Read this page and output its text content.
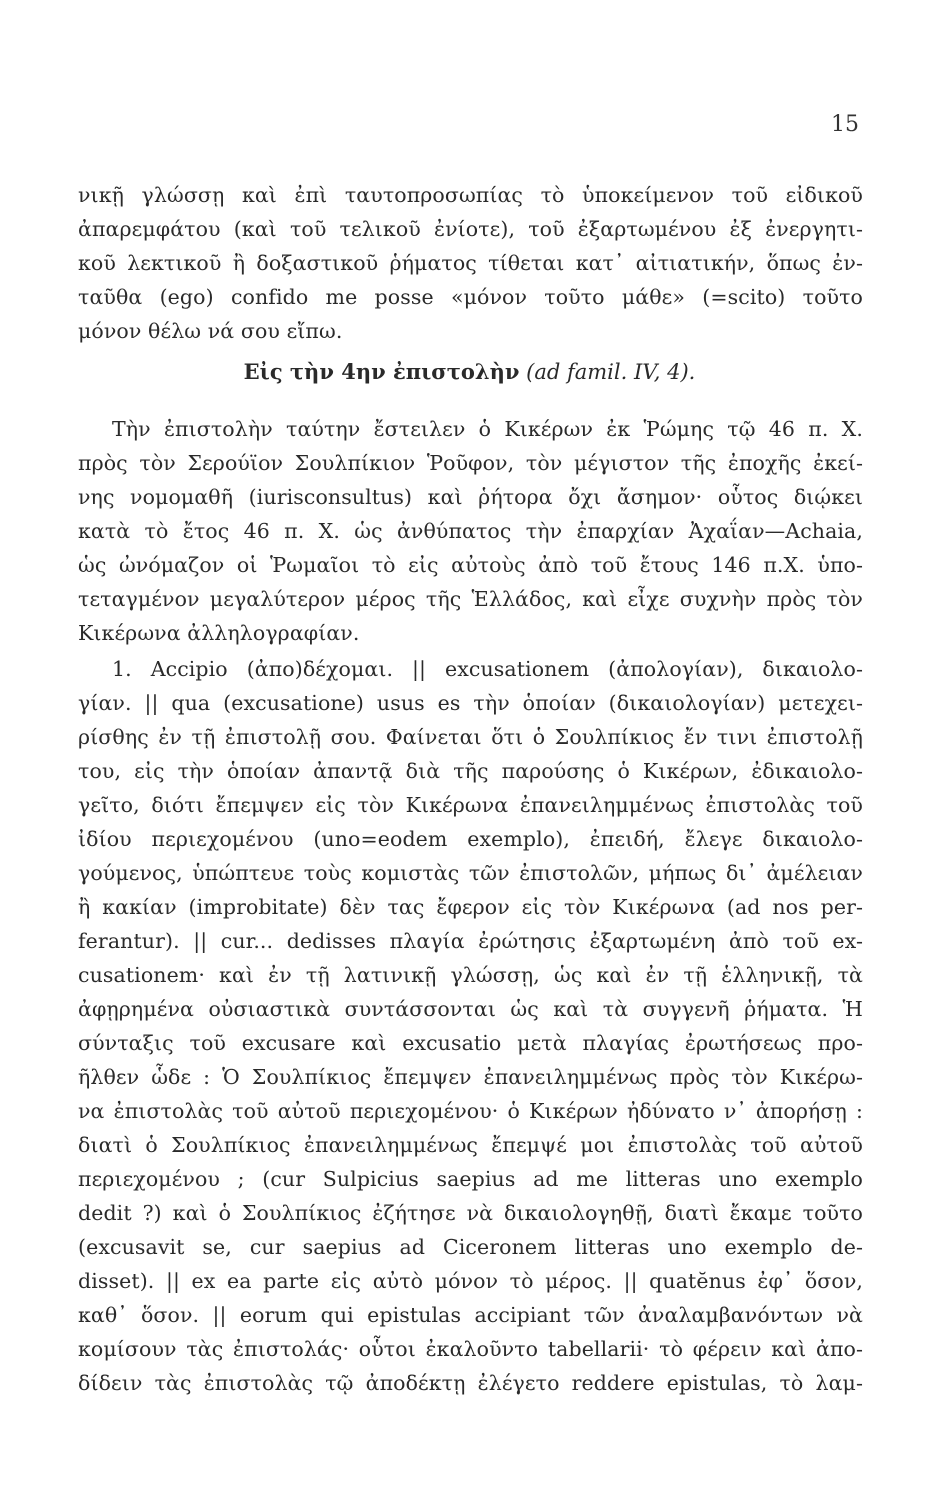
15
νικῇ γλώσσῃ καὶ ἐπὶ ταυτοπροσωπίας τὸ ὑποκείμενον τοῦ εἰδικοῦ
ἀπαρεμφάτου (καὶ τοῦ τελικοῦ ἐνίοτε), τοῦ ἐξαρτωμένου ἐξ ἐνεργητι-
κοῦ λεκτικοῦ ἢ δοξαστικοῦ ῥήματος τίθεται κατ᾽ αἰτιατικήν, ὅπως ἐν-
ταῦθα (ego) confido me posse «μόνον τοῦτο μάθε» (=scito) τοῦτο
μόνον θέλω νά σου εἴπω.
Εἰς τὴν 4ην ἐπιστολὴν (ad famil. IV, 4).
Τὴν ἐπιστολὴν ταύτην ἔστειλεν ὁ Κικέρων ἐκ Ῥώμης τῷ 46 π. Χ.
πρὸς τὸν Σερούϊον Σουλπίκιον Ῥοῦφον, τὸν μέγιστον τῆς ἐποχῆς ἐκεί-
νης νομομαθῆ (iurisconsultus) καὶ ῥήτορα ὄχι ἄσημον· οὗτος διῴκει
κατὰ τὸ ἔτος 46 π. Χ. ὡς ἀνθύπατος τὴν ἐπαρχίαν Ἀχαΐαν—Achaia,
ὡς ὠνόμαζον οἱ Ῥωμαῖοι τὸ εἰς αὐτοὺς ἀπὸ τοῦ ἔτους 146 π.Χ. ὑπο-
τεταγμένον μεγαλύτερον μέρος τῆς Ἑλλάδος, καὶ εἶχε συχνὴν πρὸς τὸν
Κικέρωνα ἀλληλογραφίαν.
1. Accipio (ἀπο)δέχομαι. || excusationem (ἀπολογίαν), δικαιολο-
γίαν. || qua (excusatione) usus es τὴν ὁποίαν (δικαιολογίαν) μετεχει-
ρίσθης ἐν τῇ ἐπιστολῇ σου. Φαίνεται ὅτι ὁ Σουλπίκιος ἔν τινι ἐπιστολῇ
του, εἰς τὴν ὁποίαν ἀπαντᾷ διὰ τῆς παρούσης ὁ Κικέρων, ἐδικαιολο-
γεῖτο, διότι ἔπεμψεν εἰς τὸν Κικέρωνα ἐπανειλημμένως ἐπιστολὰς τοῦ
ἰδίου περιεχομένου (uno=eodem exemplo), ἐπειδή, ἔλεγε δικαιολο-
γούμενος, ὑπώπτευε τοὺς κομιστὰς τῶν ἐπιστολῶν, μήπως δι᾽ ἀμέλειαν
ἢ κακίαν (improbitate) δὲν τας ἔφερον εἰς τὸν Κικέρωνα (ad nos per-
ferantur). || cur... dedisses πλαγία ἐρώτησις ἐξαρτωμένη ἀπὸ τοῦ ex-
cusationem· καὶ ἐν τῇ λατινικῇ γλώσσῃ, ὡς καὶ ἐν τῇ ἑλληνικῇ, τὰ
ἀφῃρημένα οὐσιαστικὰ συντάσσονται ὡς καὶ τὰ συγγενῆ ῥήματα. Ἡ
σύνταξις τοῦ excusare καὶ excusatio μετὰ πλαγίας ἐρωτήσεως προ-
ῆλθεν ὧδε : Ὁ Σουλπίκιος ἔπεμψεν ἐπανειλημμένως πρὸς τὸν Κικέρω-
να ἐπιστολὰς τοῦ αὐτοῦ περιεχομένου· ὁ Κικέρων ἠδύνατο ν᾽ ἀπορήσῃ :
διατὶ ὁ Σουλπίκιος ἐπανειλημμένως ἔπεμψέ μοι ἐπιστολὰς τοῦ αὐτοῦ
περιεχομένου ; (cur Sulpicius saepius ad me litteras uno exemplo
dedit ?) καὶ ὁ Σουλπίκιος ἐζήτησε νὰ δικαιολογηθῇ, διατὶ ἔκαμε τοῦτο
(excusavit se, cur saepius ad Ciceronem litteras uno exemplo de-
disset). || ex ea parte εἰς αὐτὸ μόνον τὸ μέρος. || quatĕnus ἐφ᾽ ὅσον,
καθ᾽ ὅσον. || eorum qui epistulas accipiant τῶν ἀναλαμβανόντων νὰ
κομίσουν τὰς ἐπιστολάς· οὗτοι ἐκαλοῦντο tabellarii· τὸ φέρειν καὶ ἀπο-
δίδειν τὰς ἐπιστολὰς τῷ ἀποδέκτῃ ἐλέγετο reddere epistulas, τὸ λαμ-
